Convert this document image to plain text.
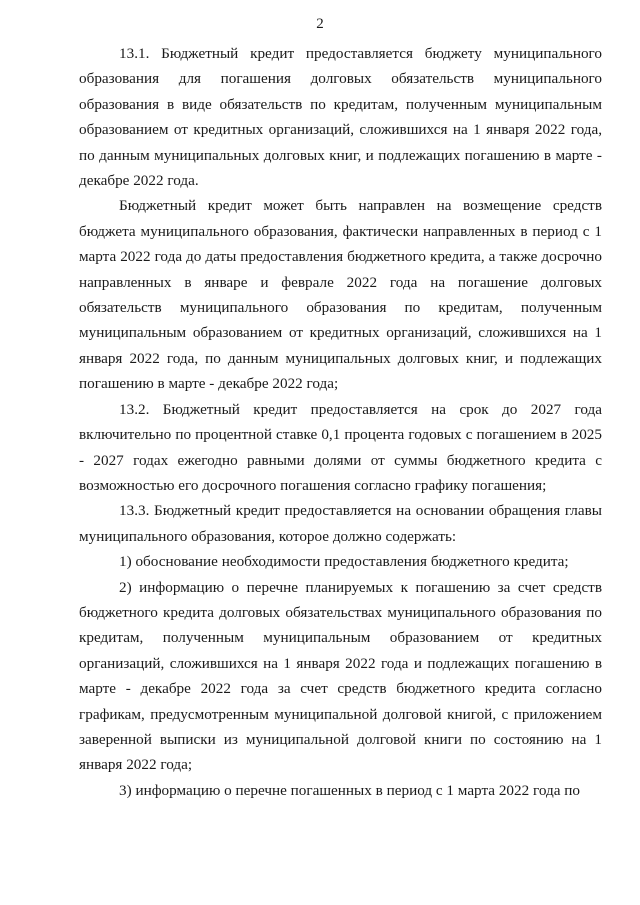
2

13.1. Бюджетный кредит предоставляется бюджету муниципального образования для погашения долговых обязательств муниципального образования в виде обязательств по кредитам, полученным муниципальным образованием от кредитных организаций, сложившихся на 1 января 2022 года, по данным муниципальных долговых книг, и подлежащих погашению в марте - декабре 2022 года.

Бюджетный кредит может быть направлен на возмещение средств бюджета муниципального образования, фактически направленных в период с 1 марта 2022 года до даты предоставления бюджетного кредита, а также досрочно направленных в январе и феврале 2022 года на погашение долговых обязательств муниципального образования по кредитам, полученным муниципальным образованием от кредитных организаций, сложившихся на 1 января 2022 года, по данным муниципальных долговых книг, и подлежащих погашению в марте - декабре 2022 года;

13.2. Бюджетный кредит предоставляется на срок до 2027 года включительно по процентной ставке 0,1 процента годовых с погашением в 2025 - 2027 годах ежегодно равными долями от суммы бюджетного кредита с возможностью его досрочного погашения согласно графику погашения;

13.3. Бюджетный кредит предоставляется на основании обращения главы муниципального образования, которое должно содержать:

1) обоснование необходимости предоставления бюджетного кредита;

2) информацию о перечне планируемых к погашению за счет средств бюджетного кредита долговых обязательствах муниципального образования по кредитам, полученным муниципальным образованием от кредитных организаций, сложившихся на 1 января 2022 года и подлежащих погашению в марте - декабре 2022 года за счет средств бюджетного кредита согласно графикам, предусмотренным муниципальной долговой книгой, с приложением заверенной выписки из муниципальной долговой книги по состоянию на 1 января 2022 года;

3) информацию о перечне погашенных в период с 1 марта 2022 года по
